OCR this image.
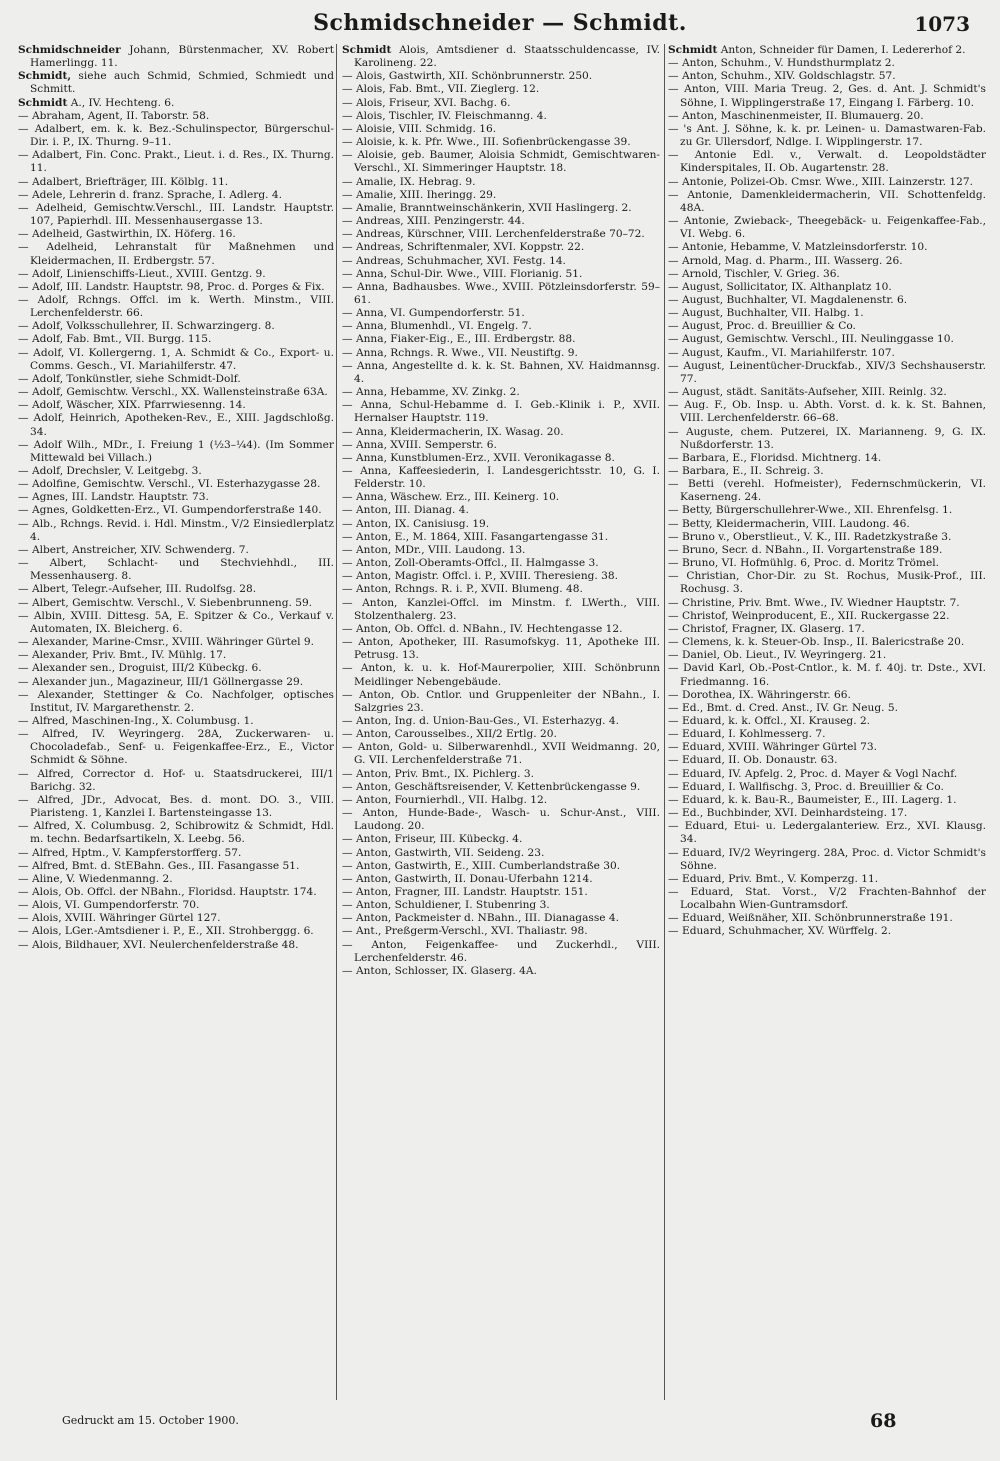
Schmidschneider — Schmidt.	1073
Schmidschneider Johann, Bürstenmacher, XV. Robert Hamerlingg. 11.
Schmidt, siehe auch Schmid, Schmied, Schmiedt und Schmitt.
Schmidt A., IV. Hechteng. 6.
— Abraham, Agent, II. Taborstr. 58.
— Adalbert, em. k. k. Bez.-Schulinspector, Bürgerschul-Dir. i. P., IX. Thurng. 9–11.
— Adalbert, Fin. Conc. Prakt., Lieut. i. d. Res., IX. Thurng. 11.
— Adalbert, Briefträger, III. Kölblg. 11.
— Adele, Lehrerin d. franz. Sprache, I. Adlerg. 4.
— Adelheid, Gemischtw.Verschl., III. Landstr. Hauptstr. 107, Papierhdl. III. Messenhausergasse 13.
— Adelheid, Gastwirthin, IX. Höferg. 16.
— Adelheid, Lehranstalt für Maßnehmen und Kleidermachen, II. Erdbergstr. 57.
— Adolf, Linienschiffs-Lieut., XVIII. Gentzg. 9.
— Adolf, III. Landstr. Hauptstr. 98, Proc. d. Porges & Fix.
— Adolf, Rchngs. Offcl. im k. Werth. Minstm., VIII. Lerchenfelderstr. 66.
— Adolf, Volksschullehrer, II. Schwarzingerg. 8.
— Adolf, Fab. Bmt., VII. Burgg. 115.
— Adolf, VI. Kollergerng. 1, A. Schmidt & Co., Export- u. Comms. Gesch., VI. Mariahilferstr. 47.
— Adolf, Tonkünstler, siehe Schmidt-Dolf.
— Adolf, Gemischtw. Verschl., XX. Wallensteinstraße 63A.
— Adolf, Wäscher, XIX. Pfarrwiesenng. 14.
— Adolf, Heinrich, Apotheken-Rev., E., XIII. Jagdschloßg. 34.
— Adolf Wilh., MDr., I. Freiung 1 (½3–¼4). (Im Sommer Mittewald bei Villach.)
— Adolf, Drechsler, V. Leitgebg. 3.
— Adolfine, Gemischtw. Verschl., VI. Esterhazygasse 28.
— Agnes, III. Landstr. Hauptstr. 73.
— Agnes, Goldketten-Erz., VI. Gumpendorferstraße 140.
— Alb., Rchngs. Revid. i. Hdl. Minstm., V/2 Einsiedlerplatz 4.
— Albert, Anstreicher, XIV. Schwenderg. 7.
— Albert, Schlacht- und Stechviehhdl., III. Messenhauserg. 8.
— Albert, Telegr.-Aufseher, III. Rudolfsg. 28.
— Albert, Gemischtw. Verschl., V. Siebenbrunneng. 59.
— Albin, XVIII. Dittesg. 5A, E. Spitzer & Co., Verkauf v. Automaten, IX. Bleicherg. 6.
— Alexander, Marine-Cmsr., XVIII. Währinger Gürtel 9.
— Alexander, Priv. Bmt., IV. Mühlg. 17.
— Alexander sen., Droguist, III/2 Kübeckg. 6.
— Alexander jun., Magazineur, III/1 Göllnergasse 29.
— Alexander, Stettinger & Co. Nachfolger, optisches Institut, IV. Margarethenstr. 2.
— Alfred, Maschinen-Ing., X. Columbusg. 1.
— Alfred, IV. Weyringerg. 28A, Zuckerwaren- u. Chocoladefab., Senf- u. Feigenkaffee-Erz., E., Victor Schmidt & Söhne.
— Alfred, Corrector d. Hof- u. Staatsdruckerei, III/1 Barichg. 32.
— Alfred, JDr., Advocat, Bes. d. mont. DO. 3., VIII. Piaristeng. 1, Kanzlei I. Bartensteingasse 13.
— Alfred, X. Columbusg. 2, Schibrowitz & Schmidt, Hdl. m. techn. Bedarfsartikeln, X. Leebg. 56.
— Alfred, Hptm., V. Kampferstorfferg. 57.
— Alfred, Bmt. d. StEBahn. Ges., III. Fasangasse 51.
— Aline, V. Wiedenmanng. 2.
— Alois, Ob. Offcl. der NBahn., Floridsd. Hauptstr. 174.
— Alois, VI. Gumpendorferstr. 70.
— Alois, XVIII. Währinger Gürtel 127.
— Alois, LGer.-Amtsdiener i. P., E., XII. Strohberggg. 6.
— Alois, Bildhauer, XVI. Neulerchenfelderstraße 48.
Schmidt Alois, Amtsdiener d. Staatsschuldencasse, IV. Karolineng. 22.
— Alois, Gastwirth, XII. Schönbrunnerstr. 250.
— Alois, Fab. Bmt., VII. Zieglerg. 12.
— Alois, Friseur, XVI. Bachg. 6.
— Alois, Tischler, IV. Fleischmanng. 4.
— Aloisie, VIII. Schmidg. 16.
— Aloisie, k. k. Pfr. Wwe., III. Sofienbrückengasse 39.
— Aloisie, geb. Baumer, Aloisia Schmidt, Gemischtwaren-Verschl., XI. Simmeringer Hauptstr. 18.
— Amalie, IX. Hebrag. 9.
— Amalie, XIII. Iheringg. 29.
— Amalie, Branntweinschänkerin, XVII Haslingerg. 2.
— Andreas, XIII. Penzingerstr. 44.
— Andreas, Kürschner, VIII. Lerchenfelderstraße 70–72.
— Andreas, Schriftenmaler, XVI. Koppstr. 22.
— Andreas, Schuhmacher, XVI. Festg. 14.
— Anna, Schul-Dir. Wwe., VIII. Florianig. 51.
— Anna, Badhausbes. Wwe., XVIII. Pötzleinsdorferstr. 59–61.
— Anna, VI. Gumpendorferstr. 51.
— Anna, Blumenhdl., VI. Engelg. 7.
— Anna, Fiaker-Eig., E., III. Erdbergstr. 88.
— Anna, Rchngs. R. Wwe., VII. Neustiftg. 9.
— Anna, Angestellte d. k. k. St. Bahnen, XV. Haidmannsg. 4.
— Anna, Hebamme, XV. Zinkg. 2.
— Anna, Schul-Hebamme d. I. Geb.-Klinik i. P., XVII. Hernalser Hauptstr. 119.
— Anna, Kleidermacherin, IX. Wasag. 20.
— Anna, XVIII. Semperstr. 6.
— Anna, Kunstblumen-Erz., XVII. Veronikagasse 8.
— Anna, Kaffeesiederin, I. Landesgerichtsstr. 10, G. I. Felderstr. 10.
— Anna, Wäschew. Erz., III. Keinerg. 10.
— Anton, III. Dianag. 4.
— Anton, IX. Canisiusg. 19.
— Anton, E., M. 1864, XIII. Fasangartengasse 31.
— Anton, MDr., VIII. Laudong. 13.
— Anton, Zoll-Oberamts-Offcl., II. Halmgasse 3.
— Anton, Magistr. Offcl. i. P., XVIII. Theresieng. 38.
— Anton, Rchngs. R. i. P., XVII. Blumeng. 48.
— Anton, Kanzlei-Offcl. im Minstm. f. LWerth., VIII. Stolzenthalerg. 23.
— Anton, Ob. Offcl. d. NBahn., IV. Hechtengasse 12.
— Anton, Apotheker, III. Rasumofskyg. 11, Apotheke III. Petrusg. 13.
— Anton, k. u. k. Hof-Maurerpolier, XIII. Schönbrunn Meidlinger Nebengebäude.
— Anton, Ob. Cntlor. und Gruppenleiter der NBahn., I. Salzgries 23.
— Anton, Ing. d. Union-Bau-Ges., VI. Esterhazyg. 4.
— Anton, Carousselbes., XII/2 Ertlg. 20.
— Anton, Gold- u. Silberwarenhdl., XVII Weidmanng. 20, G. VII. Lerchenfelderstraße 71.
— Anton, Priv. Bmt., IX. Pichlerg. 3.
— Anton, Geschäftsreisender, V. Kettenbrückengasse 9.
— Anton, Fournierhdl., VII. Halbg. 12.
— Anton, Hunde-Bade-, Wasch- u. Schur-Anst., VIII. Laudong. 20.
— Anton, Friseur, III. Kübeckg. 4.
— Anton, Gastwirth, VII. Seideng. 23.
— Anton, Gastwirth, E., XIII. Cumberlandstraße 30.
— Anton, Gastwirth, II. Donau-Uferbahn 1214.
— Anton, Fragner, III. Landstr. Hauptstr. 151.
— Anton, Schuldiener, I. Stubenring 3.
— Anton, Packmeister d. NBahn., III. Dianagasse 4.
— Ant., Preßgerm-Verschl., XVI. Thaliastr. 98.
— Anton, Feigenkaffee- und Zuckerhdl., VIII. Lerchenfelderstr. 46.
— Anton, Schlosser, IX. Glaserg. 4A.
Schmidt Anton, Schneider für Damen, I. Ledererhof 2.
— Anton, Schuhm., V. Hundsthurmplatz 2.
— Anton, Schuhm., XIV. Goldschlagstr. 57.
— Anton, VIII. Maria Treug. 2, Ges. d. Ant. J. Schmidt's Söhne, I. Wipplingerstraße 17, Eingang I. Färberg. 10.
— Anton, Maschinenmeister, II. Blumauerg. 20.
— 's Ant. J. Söhne, k. k. pr. Leinen- u. Damastwaren-Fab. zu Gr. Ullersdorf, Ndlge. I. Wipplingerstr. 17.
— Antonie Edl. v., Verwalt. d. Leopoldstädter Kinderspitales, II. Ob. Augartenstr. 28.
— Antonie, Polizei-Ob. Cmsr. Wwe., XIII. Lainzerstr. 127.
— Antonie, Damenkleidermacherin, VII. Schottenfeldg. 48A.
— Antonie, Zwieback-, Theegebäck- u. Feigenkaffee-Fab., VI. Webg. 6.
— Antonie, Hebamme, V. Matzleinsdorferstr. 10.
— Arnold, Mag. d. Pharm., III. Wasserg. 26.
— Arnold, Tischler, V. Grieg. 36.
— August, Sollicitator, IX. Althanplatz 10.
— August, Buchhalter, VI. Magdalenenstr. 6.
— August, Buchhalter, VII. Halbg. 1.
— August, Proc. d. Breuillier & Co.
— August, Gemischtw. Verschl., III. Neulinggasse 10.
— August, Kaufm., VI. Mariahilferstr. 107.
— August, Leinentücher-Druckfab., XIV/3 Sechshauserstr. 77.
— August, städt. Sanitäts-Aufseher, XIII. Reinlg. 32.
— Aug. F., Ob. Insp. u. Abth. Vorst. d. k. k. St. Bahnen, VIII. Lerchenfelderstr. 66–68.
— Auguste, chem. Putzerei, IX. Marianneng. 9, G. IX. Nußdorferstr. 13.
— Barbara, E., Floridsd. Michtnerg. 14.
— Barbara, E., II. Schreig. 3.
— Betti (verehl. Hofmeister), Federnschmückerin, VI. Kaserneng. 24.
— Betty, Bürgerschullehrer-Wwe., XII. Ehrenfelsg. 1.
— Betty, Kleidermacherin, VIII. Laudong. 46.
— Bruno v., Oberstlieut., V. K., III. Radetzkystraße 3.
— Bruno, Secr. d. NBahn., II. Vorgartenstraße 189.
— Bruno, VI. Hofmühlg. 6, Proc. d. Moritz Trömel.
— Christian, Chor-Dir. zu St. Rochus, Musik-Prof., III. Rochusg. 3.
— Christine, Priv. Bmt. Wwe., IV. Wiedner Hauptstr. 7.
— Christof, Weinproducent, E., XII. Ruckergasse 22.
— Christof, Fragner, IX. Glaserg. 17.
— Clemens, k. k. Steuer-Ob. Insp., II. Balericstraße 20.
— Daniel, Ob. Lieut., IV. Weyringerg. 21.
— David Karl, Ob.-Post-Cntlor., k. M. f. 40j. tr. Dste., XVI. Friedmanng. 16.
— Dorothea, IX. Währingerstr. 66.
— Ed., Bmt. d. Cred. Anst., IV. Gr. Neug. 5.
— Eduard, k. k. Offcl., XI. Krauseg. 2.
— Eduard, I. Kohlmesserg. 7.
— Eduard, XVIII. Währinger Gürtel 73.
— Eduard, II. Ob. Donaustr. 63.
— Eduard, IV. Apfelg. 2, Proc. d. Mayer & Vogl Nachf.
— Eduard, I. Wallfischg. 3, Proc. d. Breuillier & Co.
— Eduard, k. k. Bau-R., Baumeister, E., III. Lagerg. 1.
— Ed., Buchbinder, XVI. Deinhardsteing. 17.
— Eduard, Etui- u. Ledergalanteriew. Erz., XVI. Klausg. 34.
— Eduard, IV/2 Weyringerg. 28A, Proc. d. Victor Schmidt's Söhne.
— Eduard, Priv. Bmt., V. Komperzg. 11.
— Eduard, Stat. Vorst., V/2 Frachten-Bahnhof der Localbahn Wien-Guntramsdorf.
— Eduard, Weißnäher, XII. Schönbrunnerstraße 191.
— Eduard, Schuhmacher, XV. Würffelg. 2.
Gedruckt am 15. October 1900.	68
